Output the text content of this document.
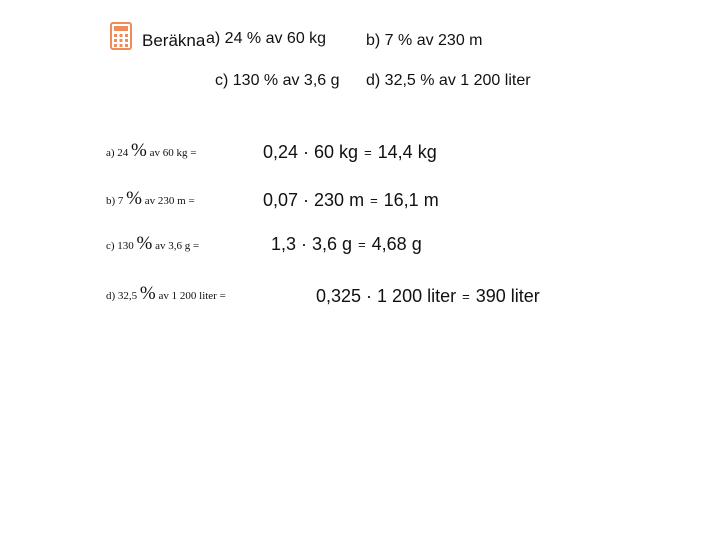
Beräkna a) 24 % av 60 kg b) 7 % av 230 m
c) 130 % av 3,6 g d) 32,5 % av 1 200 liter
a) 24 % av 60 kg =	0,24 · 60 kg = 14,4 kg
b) 7 % av 230 m =	0,07 · 230 m = 16,1 m
c) 130 % av 3,6 g =	1,3 · 3,6 g = 4,68 g
d) 32,5 % av 1 200 liter =	0,325 · 1 200 liter = 390 liter
